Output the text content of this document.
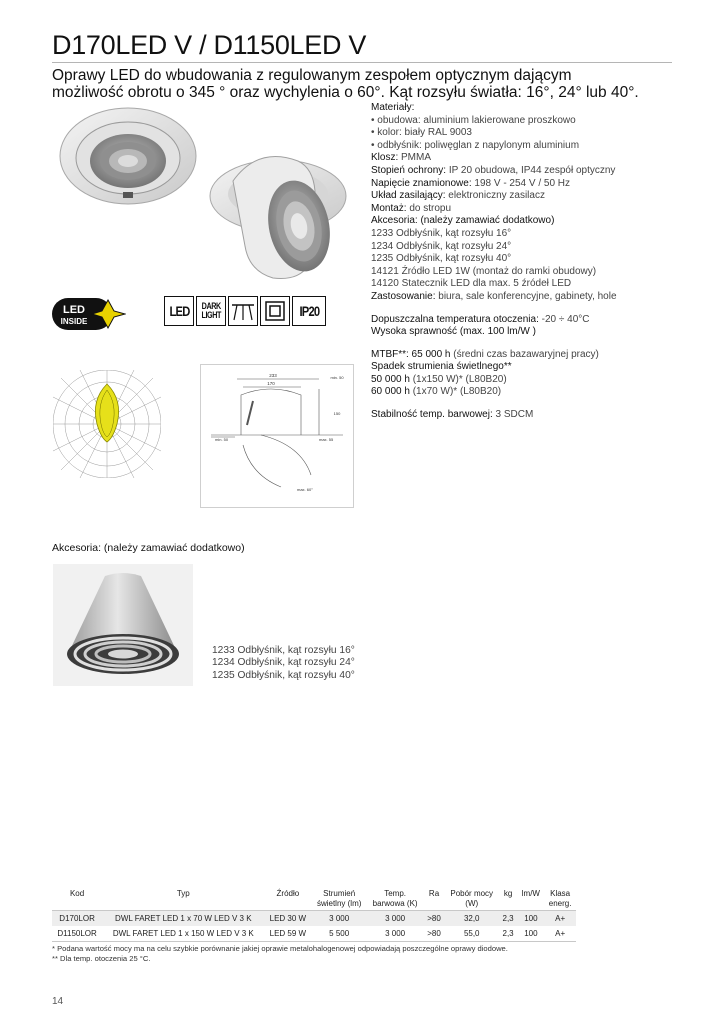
D170LED V / D1150LED V
Oprawy LED do wbudowania z regulowanym zespołem optycznym dającym
możliwość obrotu o 345 ° oraz wychylenia o 60°. Kąt rozsyłu światła: 16°, 24° lub 40°.
LED
INSIDE
LED DARK
LIGHT	IP20
233
170
150
min. 50
min. 50	max. 55
max. 60°
Materiały:
• obudowa: aluminium lakierowane proszkowo
• kolor: biały RAL 9003
• odbłyśnik: poliwęglan z napylonym aluminium
Klosz: PMMA
Stopień ochrony: IP 20 obudowa, IP44 zespół optyczny
Napięcie znamionowe: 198 V - 254 V / 50 Hz
Układ zasilający: elektroniczny zasilacz
Montaż: do stropu
Akcesoria: (należy zamawiać dodatkowo)
1233 Odbłyśnik, kąt rozsyłu 16°
1234 Odbłyśnik, kąt rozsyłu 24°
1235 Odbłyśnik, kąt rozsyłu 40°
14121 Źródło LED 1W (montaż do ramki obudowy)
14120 Statecznik LED dla max. 5 źródeł LED
Zastosowanie: biura, sale konferencyjne, gabinety, hole
Dopuszczalna temperatura otoczenia: -20 ÷ 40°C
Wysoka sprawność (max. 100 lm/W )
MTBF**: 65 000 h (średni czas bazawaryjnej pracy)
Spadek strumienia świetlnego**
50 000 h (1x150 W)* (L80B20)
60 000 h (1x70 W)* (L80B20)
Stabilność temp. barwowej: 3 SDCM
Akcesoria: (należy zamawiać dodatkowo)
1233 Odbłyśnik, kąt rozsyłu 16°
1234 Odbłyśnik, kąt rozsyłu 24°
1235 Odbłyśnik, kąt rozsyłu 40°
Kod	Typ	Źródło	Strumień
świetlny (lm)	Temp.
barwowa (K)	Ra	Pobór mocy
(W)	kg	lm/W	Klasa
energ.
D170LOR	DWL FARET LED 1 x 70 W LED V 3 K	LED 30 W	3 000	3 000	>80	32,0	2,3	100	A+
D1150LOR	DWL FARET LED 1 x 150 W LED V 3 K	LED 59 W	5 500	3 000	>80	55,0	2,3	100	A+
* Podana wartość mocy ma na celu szybkie porównanie jakiej oprawie metalohalogenowej odpowiadają poszczególne oprawy diodowe.
** Dla temp. otoczenia 25 °C.
14
